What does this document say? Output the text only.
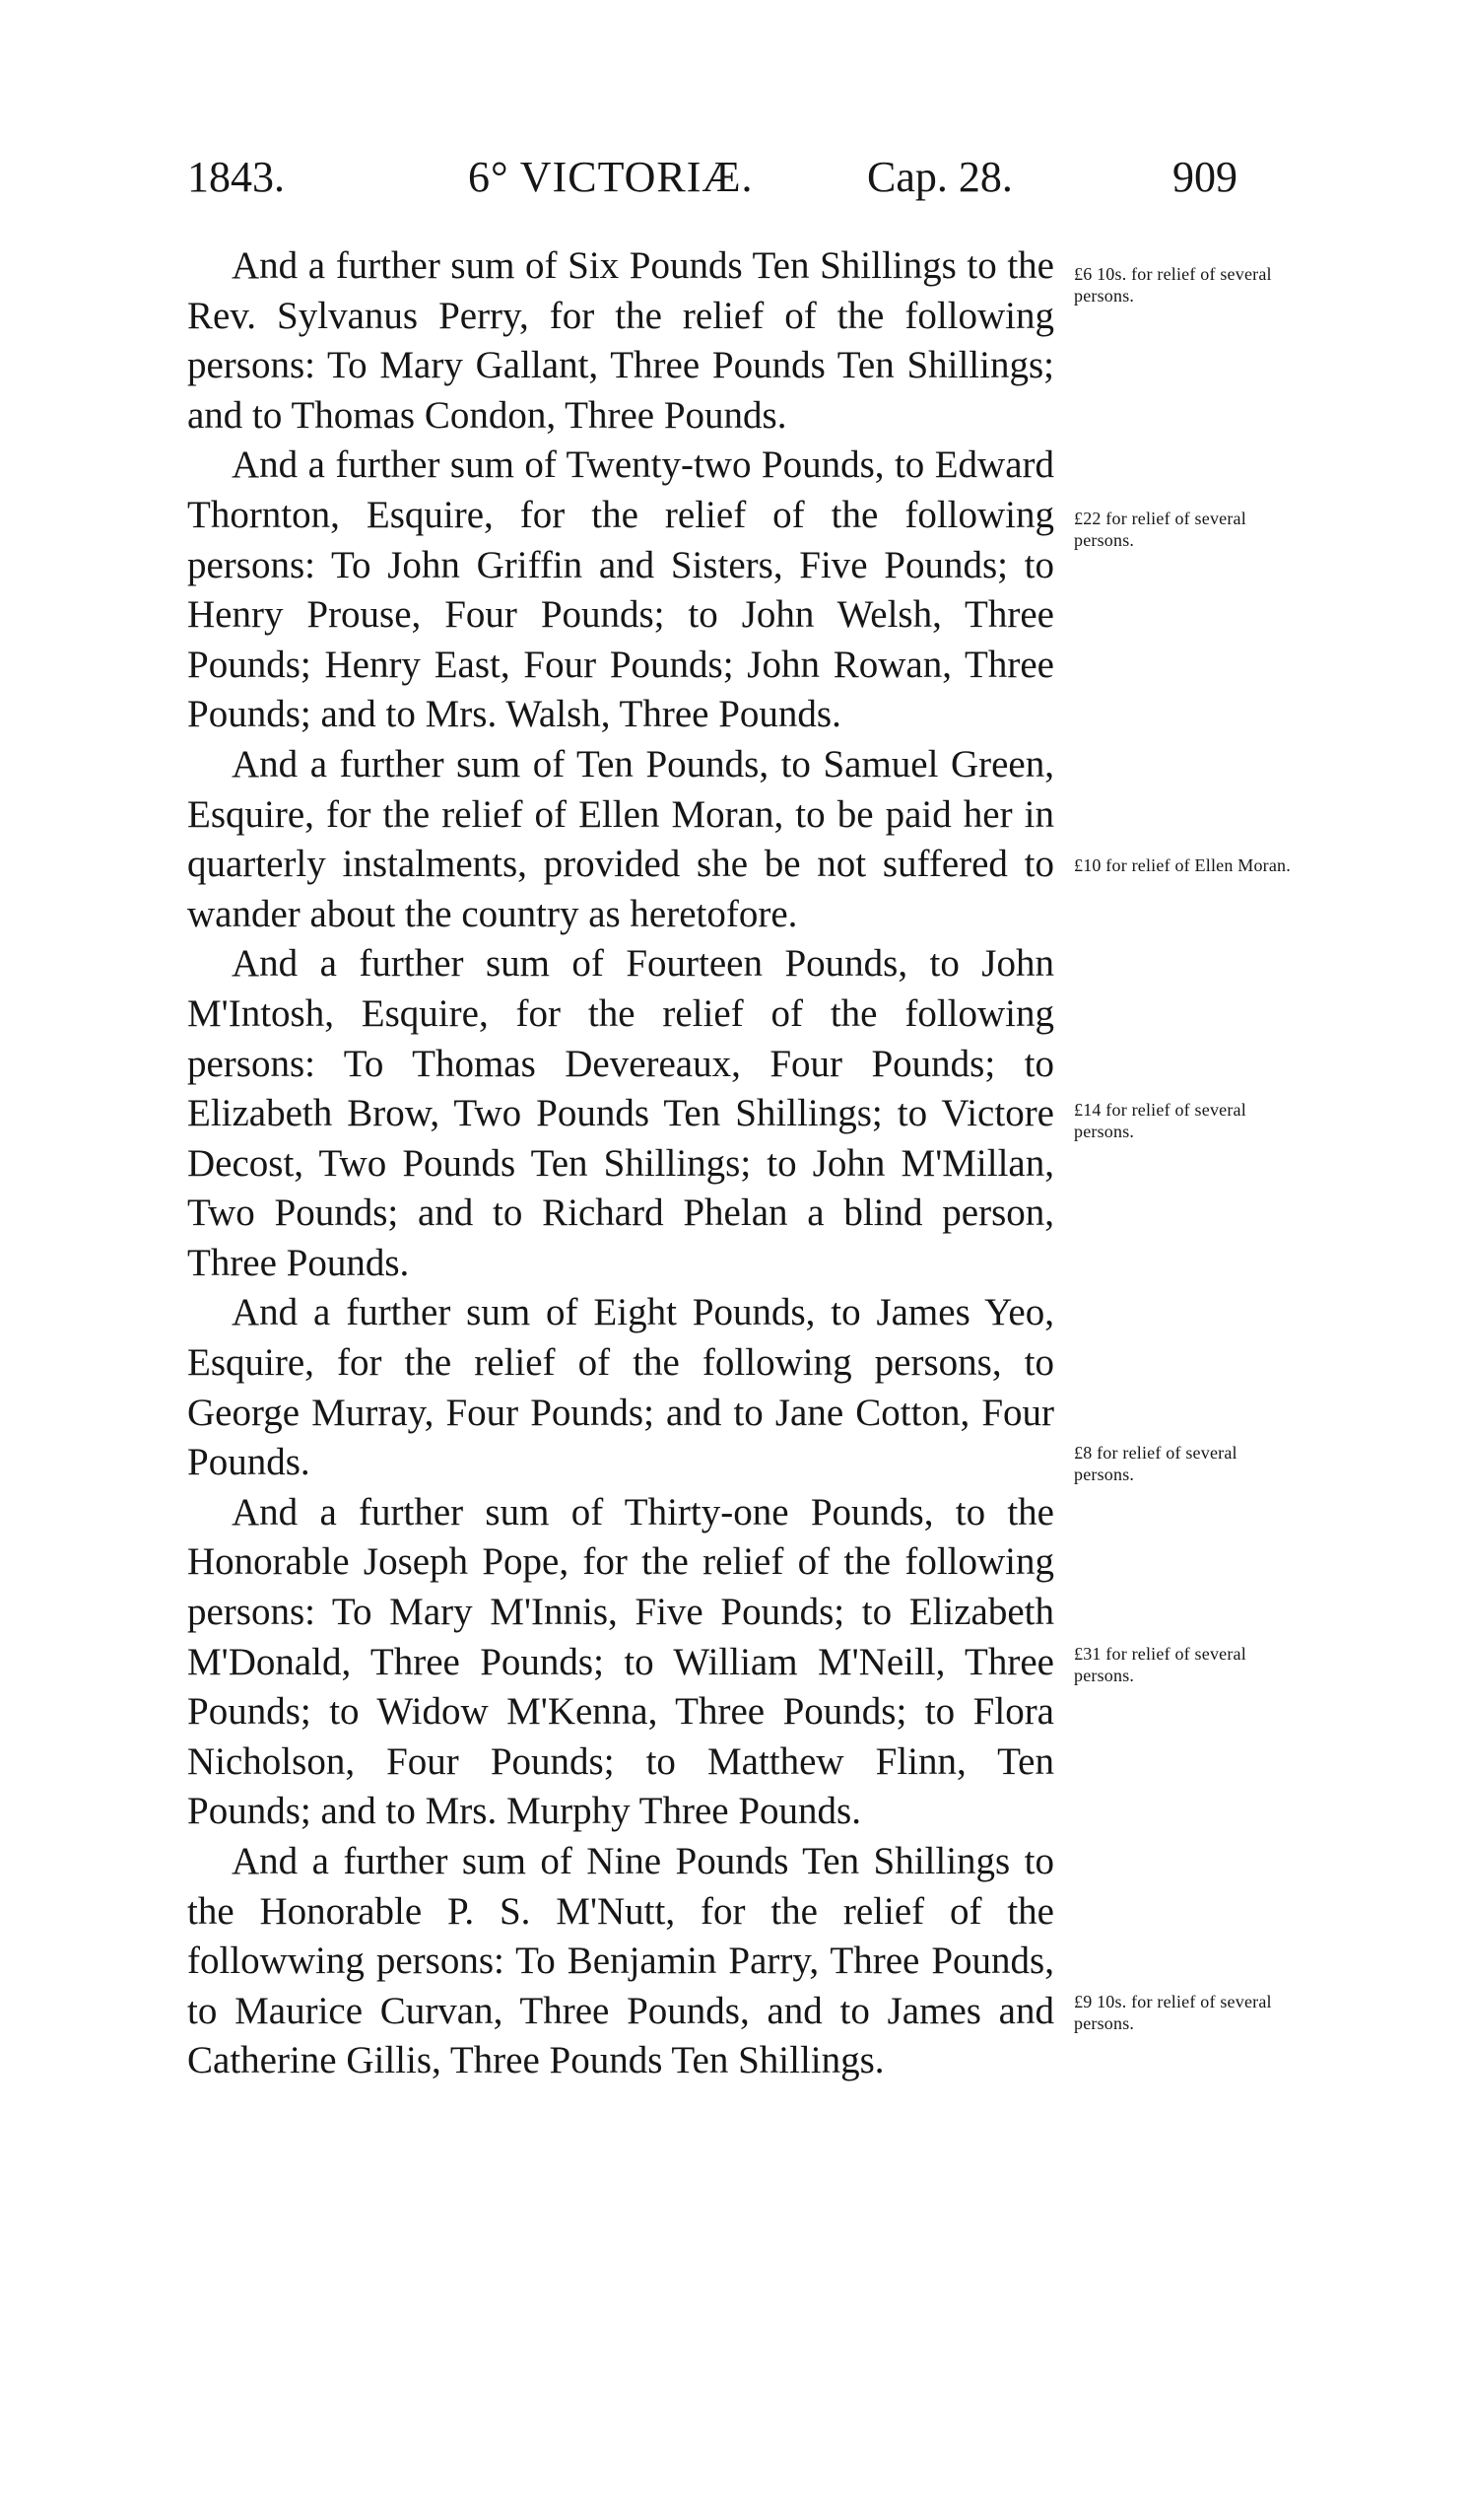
1843.	6° VICTORIÆ.	Cap. 28.	909

And a further sum of Six Pounds Ten Shillings to the Rev. Sylvanus Perry, for the relief of the following persons: To Mary Gallant, Three Pounds Ten Shillings; and to Thomas Condon, Three Pounds.

And a further sum of Twenty-two Pounds, to Edward Thornton, Esquire, for the relief of the following persons: To John Griffin and Sisters, Five Pounds; to Henry Prouse, Four Pounds; to John Welsh, Three Pounds; Henry East, Four Pounds; John Rowan, Three Pounds; and to Mrs. Walsh, Three Pounds.

And a further sum of Ten Pounds, to Samuel Green, Esquire, for the relief of Ellen Moran, to be paid her in quarterly instalments, provided she be not suffered to wander about the country as heretofore.

And a further sum of Fourteen Pounds, to John M'Intosh, Esquire, for the relief of the following persons: To Thomas Devereaux, Four Pounds; to Elizabeth Brow, Two Pounds Ten Shillings; to Victore Decost, Two Pounds Ten Shillings; to John M'Millan, Two Pounds; and to Richard Phelan a blind person, Three Pounds.

And a further sum of Eight Pounds, to James Yeo, Esquire, for the relief of the following persons, to George Murray, Four Pounds; and to Jane Cotton, Four Pounds.

And a further sum of Thirty-one Pounds, to the Honorable Joseph Pope, for the relief of the following persons: To Mary M'Innis, Five Pounds; to Elizabeth M'Donald, Three Pounds; to William M'Neill, Three Pounds; to Widow M'Kenna, Three Pounds; to Flora Nicholson, Four Pounds; to Matthew Flinn, Ten Pounds; and to Mrs. Murphy Three Pounds.

And a further sum of Nine Pounds Ten Shillings to the Honorable P. S. M'Nutt, for the relief of the followwing persons: To Benjamin Parry, Three Pounds, to Maurice Curvan, Three Pounds, and to James and Catherine Gillis, Three Pounds Ten Shillings.

£6 10s. for relief of several persons.
£22 for relief of several persons.
£10 for relief of Ellen Moran.
£14 for relief of several persons.
£8 for relief of several persons.
£31 for relief of several persons.
£9 10s. for relief of several persons.
